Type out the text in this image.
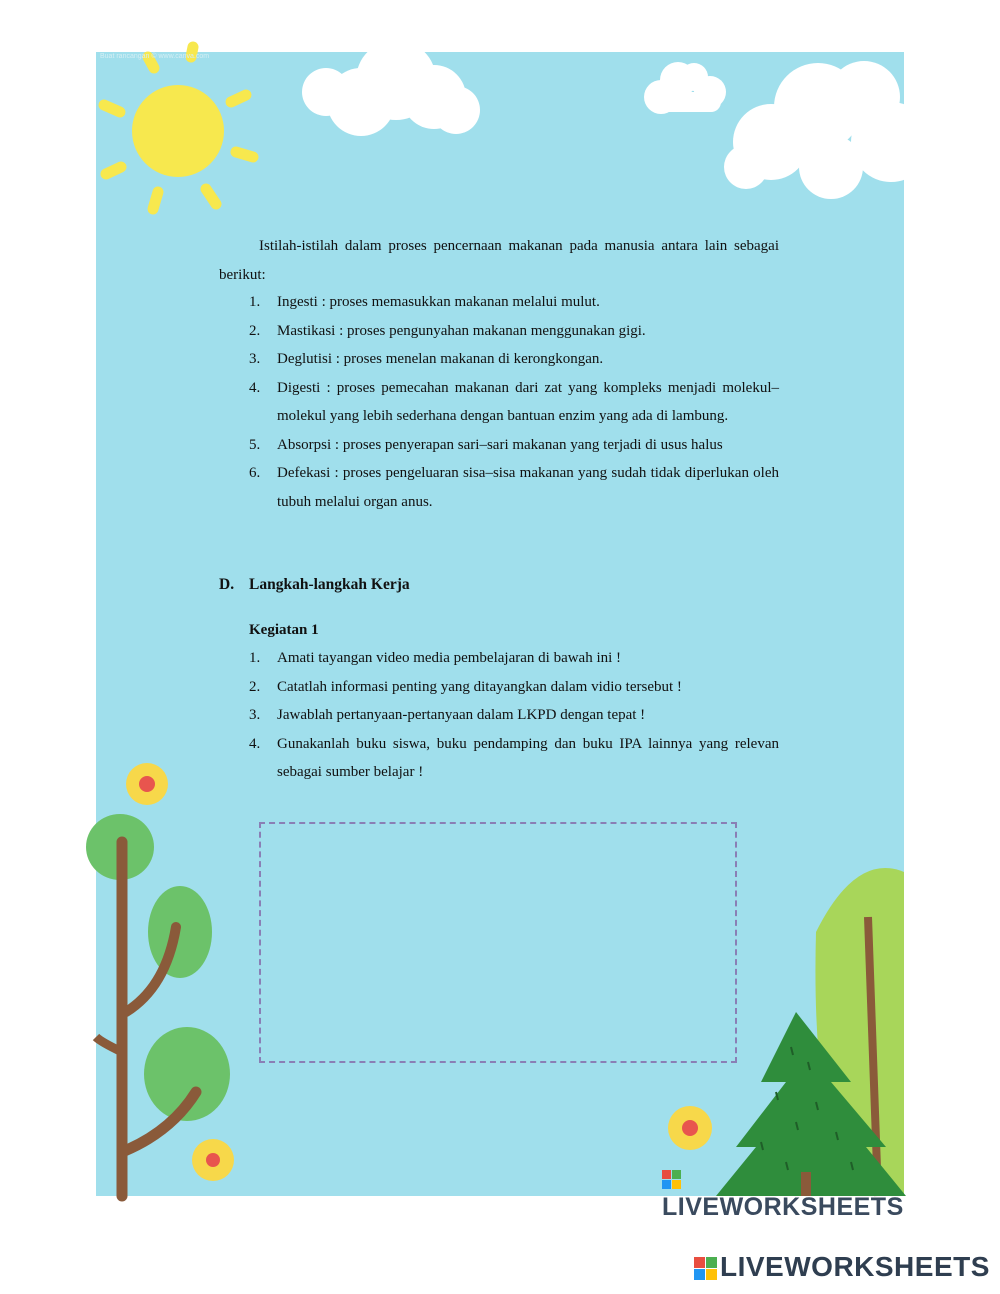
Buat rancangan © www.canva.com

Istilah-istilah dalam proses pencernaan makanan pada manusia antara lain sebagai berikut:

1. Ingesti : proses memasukkan makanan melalui mulut.
2. Mastikasi : proses pengunyahan makanan menggunakan gigi.
3. Deglutisi : proses menelan makanan di kerongkongan.
4. Digesti : proses pemecahan makanan dari zat yang kompleks menjadi molekul–molekul yang lebih sederhana dengan bantuan enzim yang ada di lambung.
5. Absorpsi : proses penyerapan sari–sari makanan yang terjadi di usus halus
6. Defekasi : proses pengeluaran sisa–sisa makanan yang sudah tidak diperlukan oleh tubuh melalui organ anus.
D. Langkah-langkah Kerja
Kegiatan 1
1. Amati tayangan video media pembelajaran di bawah ini !
2. Catatlah informasi penting yang ditayangkan dalam vidio tersebut !
3. Jawablah pertanyaan-pertanyaan dalam LKPD dengan tepat !
4. Gunakanlah buku siswa, buku pendamping dan buku IPA lainnya yang relevan sebagai sumber belajar !
LIVEWORKSHEETS
LIVEWORKSHEETS
